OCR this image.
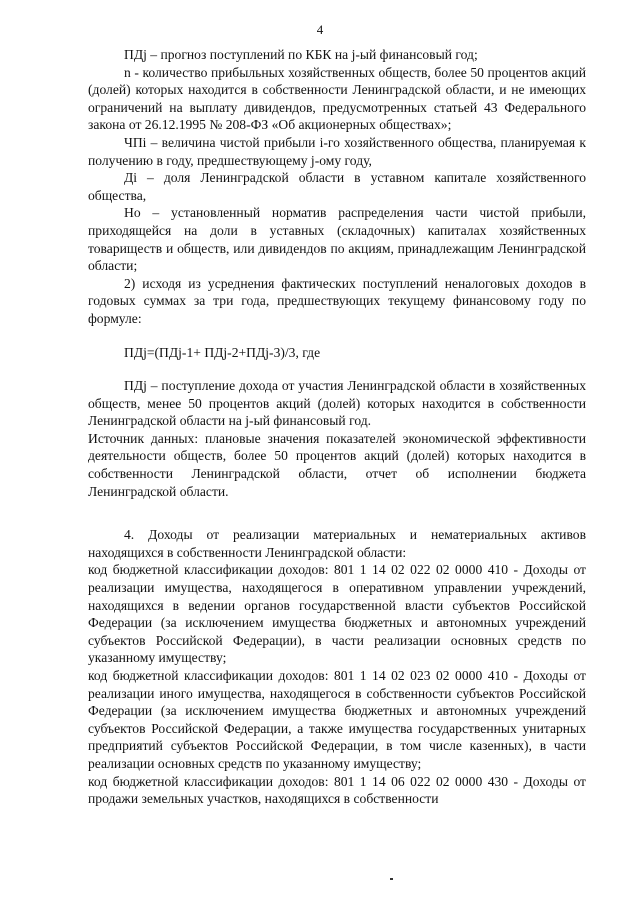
4

ПДj – прогноз поступлений по КБК на j-ый финансовый год;

n - количество прибыльных хозяйственных обществ, более 50 процентов акций (долей) которых находится в собственности Ленинградской области, и не имеющих ограничений на выплату дивидендов, предусмотренных статьей 43 Федерального закона от 26.12.1995 № 208-ФЗ «Об акционерных обществах»;

ЧПi – величина чистой прибыли i-го хозяйственного общества, планируемая к получению в году, предшествующему j-ому году,

Дi – доля Ленинградской области в уставном капитале хозяйственного общества,

Но – установленный норматив распределения части чистой прибыли, приходящейся на доли в уставных (складочных) капиталах хозяйственных товариществ и обществ, или дивидендов по акциям, принадлежащим Ленинградской области;

2) исходя из усреднения фактических поступлений неналоговых доходов в годовых суммах за три года, предшествующих текущему финансовому году по формуле:

ПДj=(ПДj-1+ ПДj-2+ПДj-3)/3, где

ПДj – поступление дохода от участия Ленинградской области в хозяйственных обществ, менее 50 процентов акций (долей) которых находится в собственности Ленинградской области на j-ый финансовый год.

Источник данных: плановые значения показателей экономической эффективности деятельности обществ, более 50 процентов акций (долей) которых находится в собственности Ленинградской области, отчет об исполнении бюджета Ленинградской области.

4. Доходы от реализации материальных и нематериальных активов находящихся в собственности Ленинградской области:

код бюджетной классификации доходов: 801 1 14 02 022 02 0000 410 - Доходы от реализации имущества, находящегося в оперативном управлении учреждений, находящихся в ведении органов государственной власти субъектов Российской Федерации (за исключением имущества бюджетных и автономных учреждений субъектов Российской Федерации), в части реализации основных средств по указанному имуществу;

код бюджетной классификации доходов: 801 1 14 02 023 02 0000 410 - Доходы от реализации иного имущества, находящегося в собственности субъектов Российской Федерации (за исключением имущества бюджетных и автономных учреждений субъектов Российской Федерации, а также имущества государственных унитарных предприятий субъектов Российской Федерации, в том числе казенных), в части реализации основных средств по указанному имуществу;

код бюджетной классификации доходов: 801 1 14 06 022 02 0000 430 - Доходы от продажи земельных участков, находящихся в собственности
